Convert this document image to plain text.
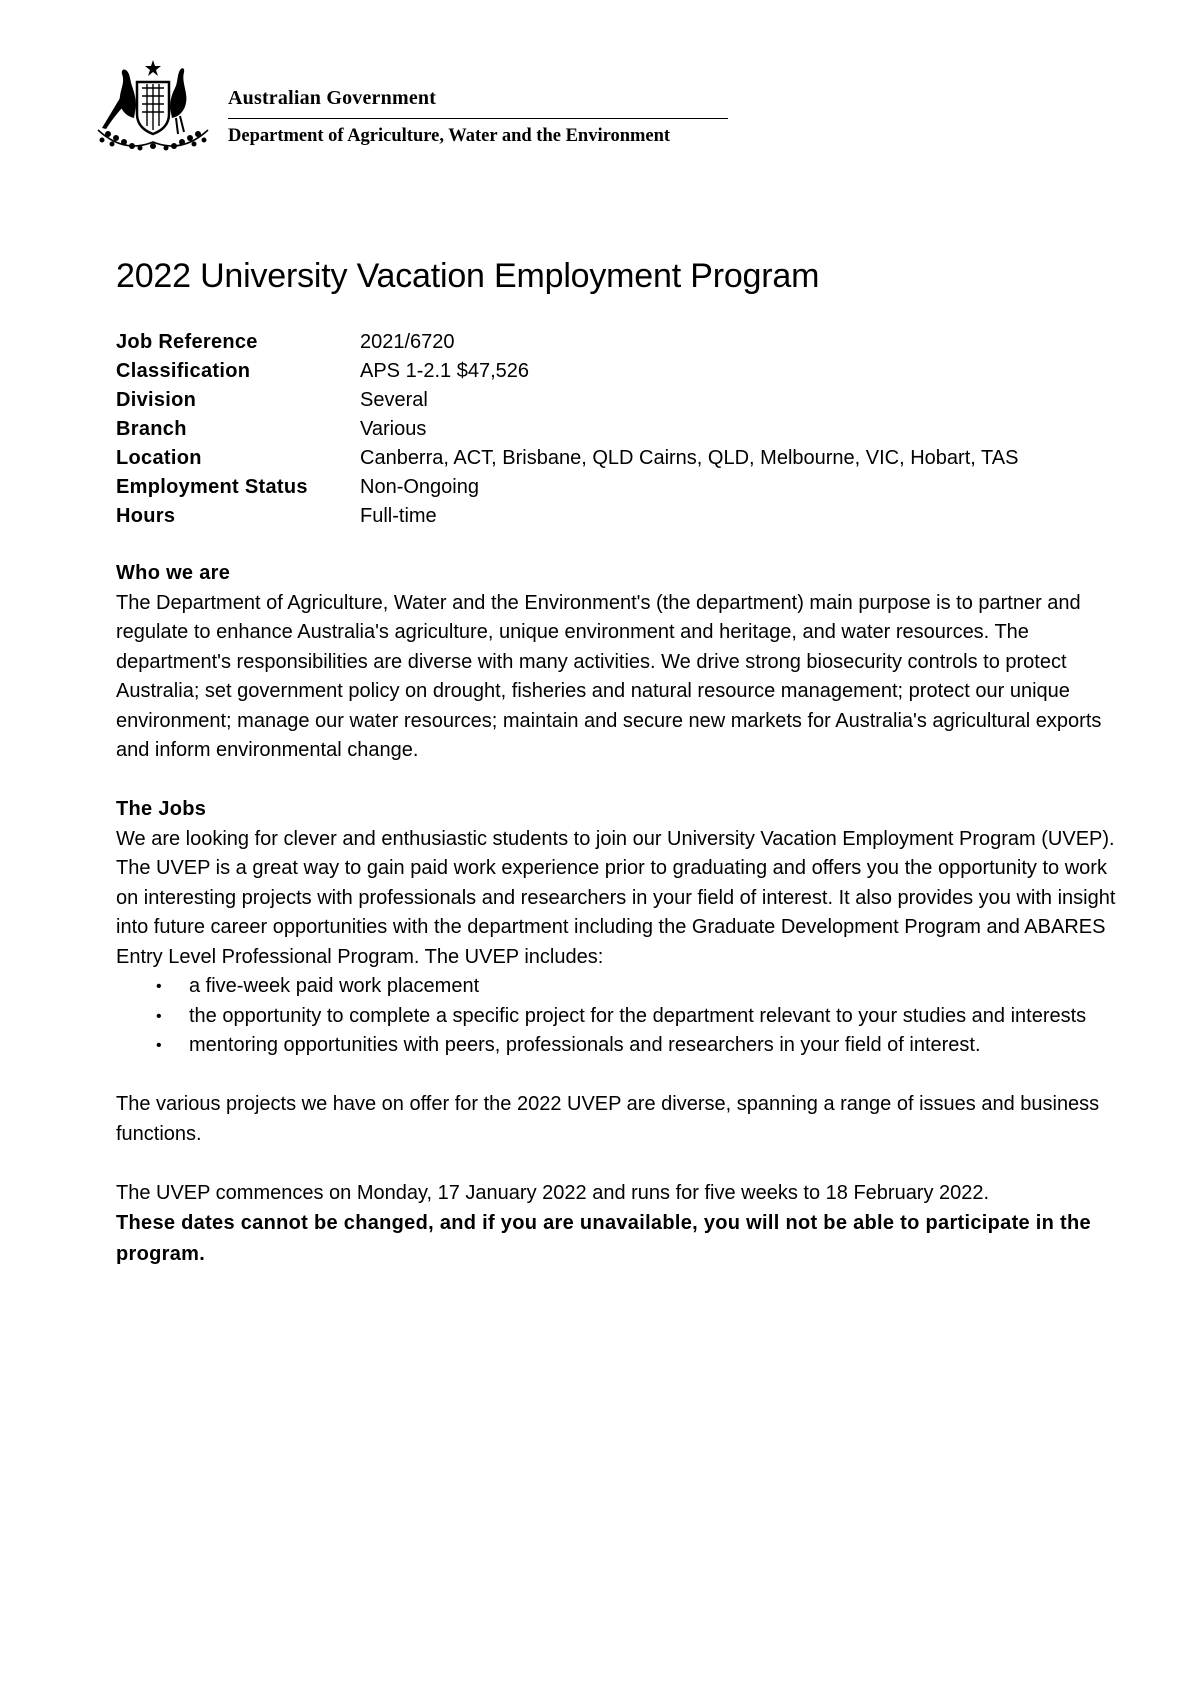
Australian Government
Department of Agriculture, Water and the Environment
2022 University Vacation Employment Program
Job Reference	2021/6720
Classification	APS 1-2.1 $47,526
Division	Several
Branch	Various
Location	Canberra, ACT, Brisbane, QLD Cairns, QLD, Melbourne, VIC, Hobart, TAS
Employment Status	Non-Ongoing
Hours	Full-time
Who we are

The Department of Agriculture, Water and the Environment's (the department) main purpose is to partner and regulate to enhance Australia's agriculture, unique environment and heritage, and water resources. The department's responsibilities are diverse with many activities. We drive strong biosecurity controls to protect Australia; set government policy on drought, fisheries and natural resource management; protect our unique environment; manage our water resources; maintain and secure new markets for Australia's agricultural exports and inform environmental change.

The Jobs

We are looking for clever and enthusiastic students to join our University Vacation Employment Program (UVEP). The UVEP is a great way to gain paid work experience prior to graduating and offers you the opportunity to work on interesting projects with professionals and researchers in your field of interest. It also provides you with insight into future career opportunities with the department including the Graduate Development Program and ABARES Entry Level Professional Program. The UVEP includes:

• a five-week paid work placement
• the opportunity to complete a specific project for the department relevant to your studies and interests
• mentoring opportunities with peers, professionals and researchers in your field of interest.

The various projects we have on offer for the 2022 UVEP are diverse, spanning a range of issues and business functions.

The UVEP commences on Monday, 17 January 2022 and runs for five weeks to 18 February 2022.

These dates cannot be changed, and if you are unavailable, you will not be able to participate in the program.
